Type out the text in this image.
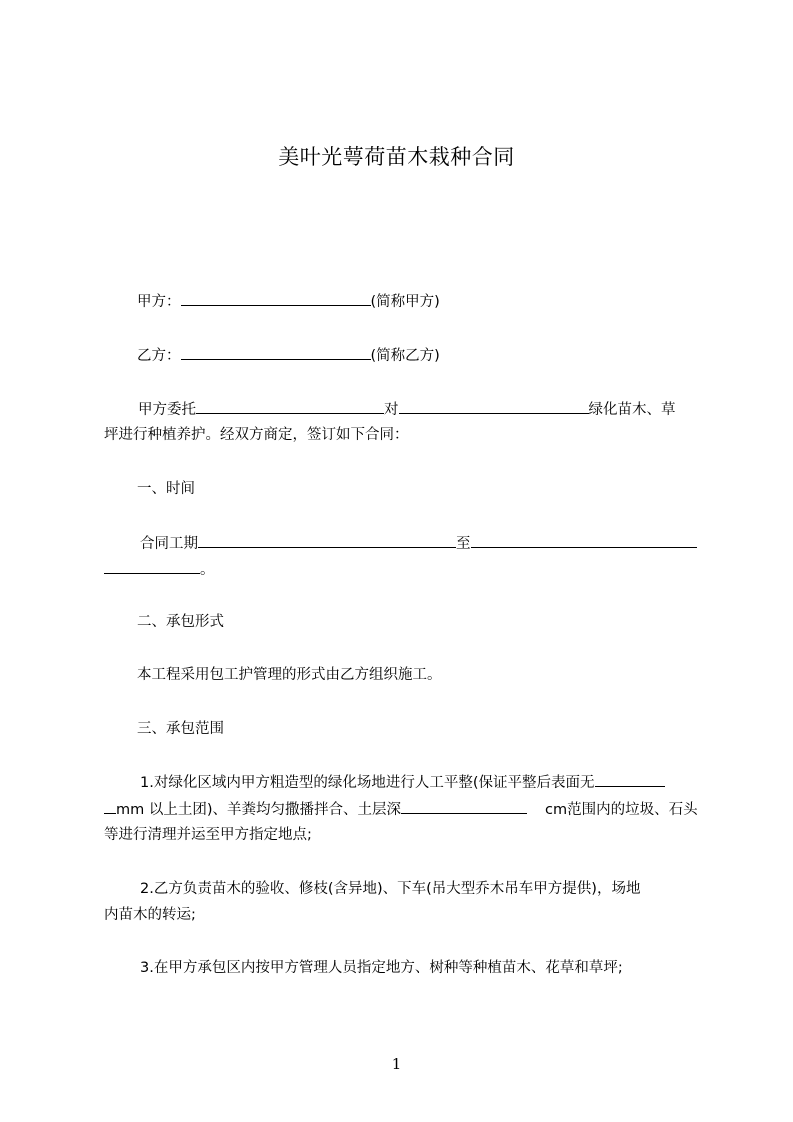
美叶光萼荷苗木栽种合同
甲方：	(简称甲方)
乙方：	(简称乙方)
甲方委托	对	绿化苗木、草
坪进行种植养护。经双方商定，签订如下合同：
一、时间
合同工期	至
。
二、承包形式
本工程采用包工护管理的形式由乙方组织施工。
三、承包范围
1.对绿化区域内甲方粗造型的绿化场地进行人工平整(保证平整后表面无
mm 以上土团)、羊粪均匀撒播拌合、土层深	cm范围内的垃圾、石头
等进行清理并运至甲方指定地点;
2.乙方负责苗木的验收、修枝(含异地)、下车(吊大型乔木吊车甲方提供)，场地
内苗木的转运;
3.在甲方承包区内按甲方管理人员指定地方、树种等种植苗木、花草和草坪;
1
